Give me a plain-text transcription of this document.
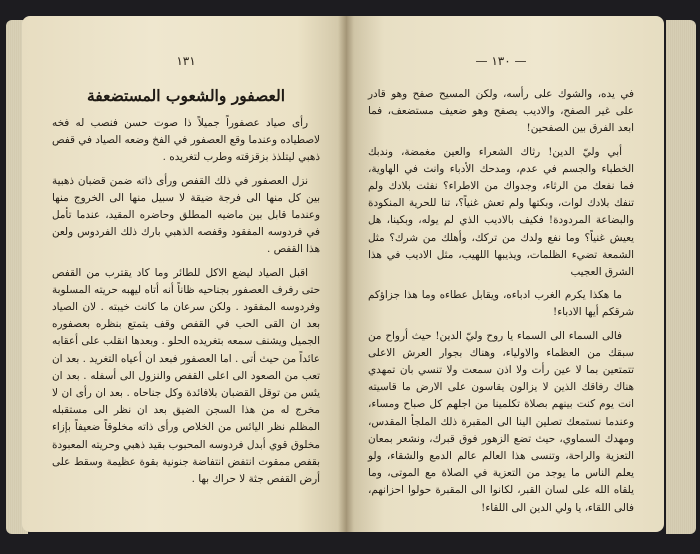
١٣١
العصفور والشعوب المستضعفة

رأى صياد عصفوراً جميلاً ذا صوت حسن فنصب له فخه لاصطياده وعندما وقع العصفور في الفخ وضعه الصياد في قفص ذهبي ليتلذذ بزقزقته وطرب لتغريده .

نزل العصفور في ذلك القفص ورأى ذاته ضمن قضبان ذهبية بين كل منها الى فرجة ضيقة لا سبيل منها الى الخروج منها وعندما قابل بين ماضيه المطلق وحاضره المقيد، عندما تأمل في فردوسه المفقود وقفصه الذهبي بارك ذلك الفردوس ولعن هذا القفص .

اقبل الصياد ليضع الاكل للطائر وما كاد يقترب من القفص حتى رفرف العصفور بجناحيه ظاناً أنه أتاه ليهبه حريته المسلوبة وفردوسه المفقود . ولكن سرعان ما كانت خيبته . لان الصياد بعد ان القى الحب في القفص وقف يتمتع بنظره بعصفوره الجميل ويشنف سمعه بتغريده الحلو . وبعدها انقلب على أعقابه عائداً من حيث أتى . اما العصفور فبعد ان أعياه التغريد . بعد ان تعب من الصعود الى اعلى القفص والنزول الى أسفله . بعد ان يئس من توقل القضبان بلافائدة وكل جناحاه . بعد ان رأى ان لا مخرج له من هذا السجن الضيق بعد ان نظر الى مستقبله المظلم نظر اليائس من الخلاص ورأى ذاته مخلوقاً ضعيفاً بإزاء مخلوق قوي أبدل فردوسه المحبوب بقيد ذهبي وحريته المعبودة بقفص ممقوت انتفض انتفاضة جنونية بقوة عظيمة وسقط على أرض القفص جثة لا حراك بها .

— ١٣٠ —

في يده، والشوك على رأسه، ولكن المسيح صفح وهو قادر على غير الصفح، والاديب يصفح وهو ضعيف مستضعف، فما ابعد الفرق بين الصفحين!

أبي وليّ الدين! رثاك الشعراء والعين مغمضة، وندبك الخطباء والجسم في عدم، ومدحك الأدباء وانت في الهاوية، فما نفعك من الرثاء، وجدواك من الاطراء؟ نفثت بلادك ولم تنفك بلادك لوات، وبكتها ولم تعش غنياً؟، تنا للحرية المنكودة والبضاعة المردودة! فكيف بالاديب الذي لم يوله، وبكينا، هل يعيش غنياً؟ وما نفع ولدك من تركك، وأهلك من شرك؟ مثل الشمعة تضيء الظلمات، ويذيبها اللهيب، مثل الاديب في هذا الشرق العجيب

ما هكذا يكرم الغرب ادباءه، ويقابل عطاءه وما هذا جزاؤكم شرقكم أيها الادباء!

فالى السماء الى السماء يا روح وليّ الدين! حيث أرواح من سبقك من العظماء والاولياء، وهناك بجوار العرش الاعلى تتمتعين بما لا عين رأت ولا اذن سمعت ولا تنسي بان تمهدي هناك رفاقك الذين لا يزالون يقاسون على الارض ما قاسيته انت يوم كنت بينهم بصلاة تكلمينا من اجلهم كل صباح ومساء، وعندما نستمعك تصلين الينا الى المقبرة ذلك الملجأ المقدس، ومهدك السماوي، حيث تضع الزهور فوق قبرك، ونشعر بمعان التعزية والراحة، وتنسى هذا العالم عالم الدمع والشقاء، ولو يعلم الناس ما يوجد من التعزية في الصلاة مع الموتى، وما يلقاه الله على لسان القبر، لكانوا الى المقبرة حولوا احزانهم، فالى اللقاء، يا ولي الدين الى اللقاء!
